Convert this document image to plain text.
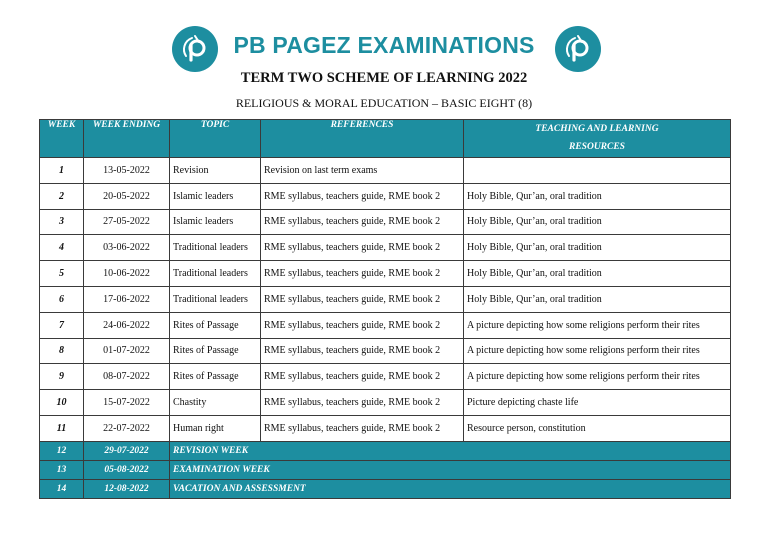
PB PAGEZ EXAMINATIONS
TERM TWO SCHEME OF LEARNING 2022
RELIGIOUS & MORAL EDUCATION – BASIC EIGHT (8)
WEEK	WEEK ENDING	TOPIC	REFERENCES	TEACHING AND LEARNING RESOURCES
1	13-05-2022	Revision	Revision on last term exams	
2	20-05-2022	Islamic leaders	RME syllabus, teachers guide, RME book 2	Holy Bible, Qur’an, oral tradition
3	27-05-2022	Islamic leaders	RME syllabus, teachers guide, RME book 2	Holy Bible, Qur’an, oral tradition
4	03-06-2022	Traditional leaders	RME syllabus, teachers guide, RME book 2	Holy Bible, Qur’an, oral tradition
5	10-06-2022	Traditional leaders	RME syllabus, teachers guide, RME book 2	Holy Bible, Qur’an, oral tradition
6	17-06-2022	Traditional leaders	RME syllabus, teachers guide, RME book 2	Holy Bible, Qur’an, oral tradition
7	24-06-2022	Rites of Passage	RME syllabus, teachers guide, RME book 2	A picture depicting how some religions perform their rites
8	01-07-2022	Rites of Passage	RME syllabus, teachers guide, RME book 2	A picture depicting how some religions perform their rites
9	08-07-2022	Rites of Passage	RME syllabus, teachers guide, RME book 2	A picture depicting how some religions perform their rites
10	15-07-2022	Chastity	RME syllabus, teachers guide, RME book 2	Picture depicting chaste life
11	22-07-2022	Human right	RME syllabus, teachers guide, RME book 2	Resource person, constitution
12	29-07-2022	REVISION WEEK		
13	05-08-2022	EXAMINATION WEEK		
14	12-08-2022	VACATION AND ASSESSMENT		
